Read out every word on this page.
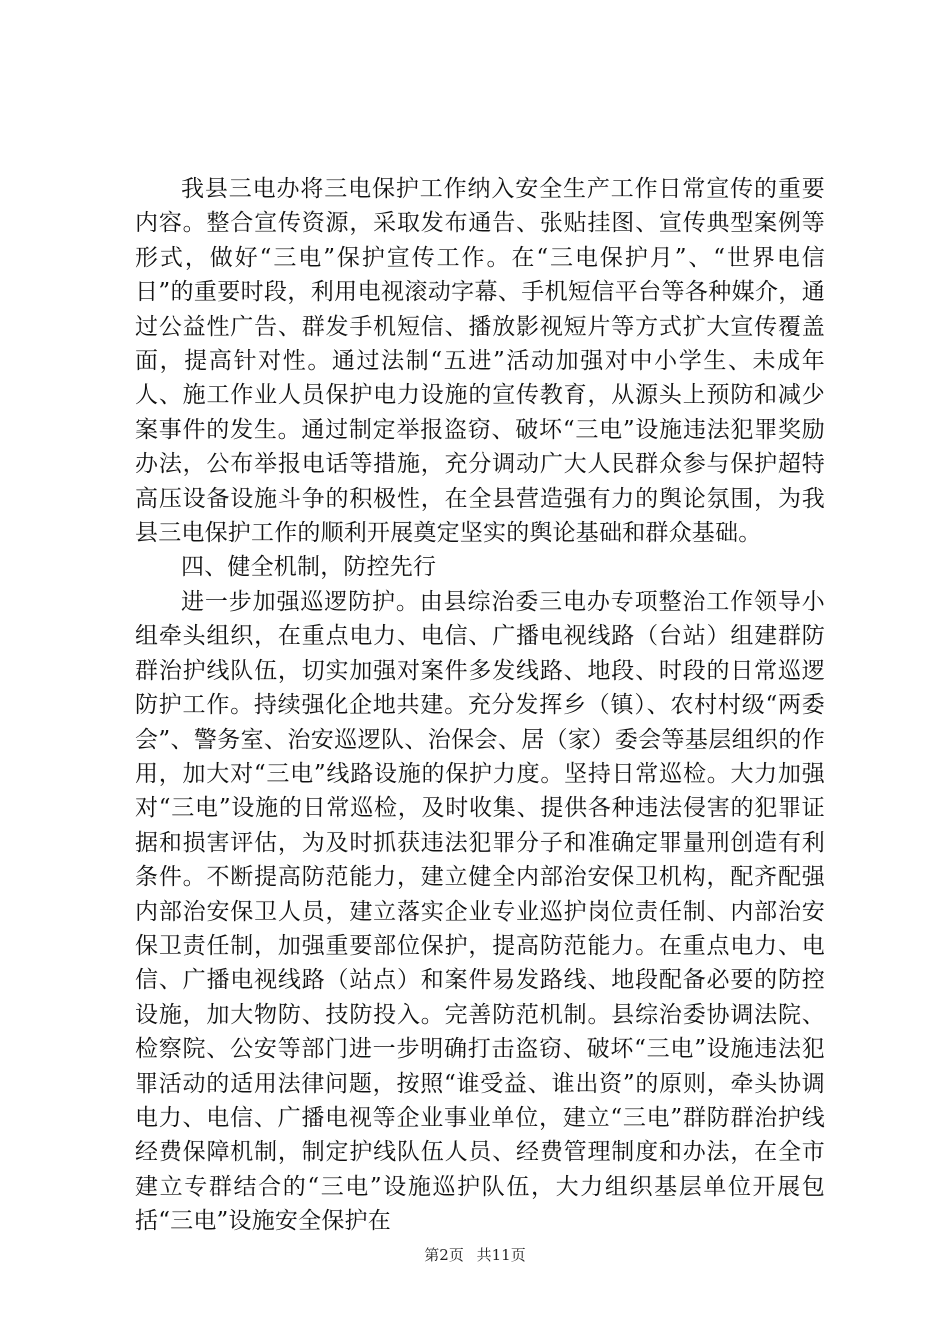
我县三电办将三电保护工作纳入安全生产工作日常宣传的重要内容。整合宣传资源，采取发布通告、张贴挂图、宣传典型案例等形式，做好“三电”保护宣传工作。在“三电保护月”、“世界电信日”的重要时段，利用电视滚动字幕、手机短信平台等各种媒介，通过公益性广告、群发手机短信、播放影视短片等方式扩大宣传覆盖面，提高针对性。通过法制“五进”活动加强对中小学生、未成年人、施工作业人员保护电力设施的宣传教育，从源头上预防和减少案事件的发生。通过制定举报盗窃、破坏“三电”设施违法犯罪奖励办法，公布举报电话等措施，充分调动广大人民群众参与保护超特高压设备设施斗争的积极性，在全县营造强有力的舆论氛围，为我县三电保护工作的顺利开展奠定坚实的舆论基础和群众基础。

四、健全机制，防控先行

进一步加强巡逻防护。由县综治委三电办专项整治工作领导小组牵头组织，在重点电力、电信、广播电视线路（台站）组建群防群治护线队伍，切实加强对案件多发线路、地段、时段的日常巡逻防护工作。持续强化企地共建。充分发挥乡（镇）、农村村级“两委会”、警务室、治安巡逻队、治保会、居（家）委会等基层组织的作用，加大对“三电”线路设施的保护力度。坚持日常巡检。大力加强对“三电”设施的日常巡检，及时收集、提供各种违法侵害的犯罪证据和损害评估，为及时抓获违法犯罪分子和准确定罪量刑创造有利条件。不断提高防范能力，建立健全内部治安保卫机构，配齐配强内部治安保卫人员，建立落实企业专业巡护岗位责任制、内部治安保卫责任制，加强重要部位保护，提高防范能力。在重点电力、电信、广播电视线路（站点）和案件易发路线、地段配备必要的防控设施，加大物防、技防投入。完善防范机制。县综治委协调法院、检察院、公安等部门进一步明确打击盗窃、破坏“三电”设施违法犯罪活动的适用法律问题，按照“谁受益、谁出资”的原则，牵头协调电力、电信、广播电视等企业事业单位，建立“三电”群防群治护线经费保障机制，制定护线队伍人员、经费管理制度和办法，在全市建立专群结合的“三电”设施巡护队伍，大力组织基层单位开展包括“三电”设施安全保护在

第2页 共11页
